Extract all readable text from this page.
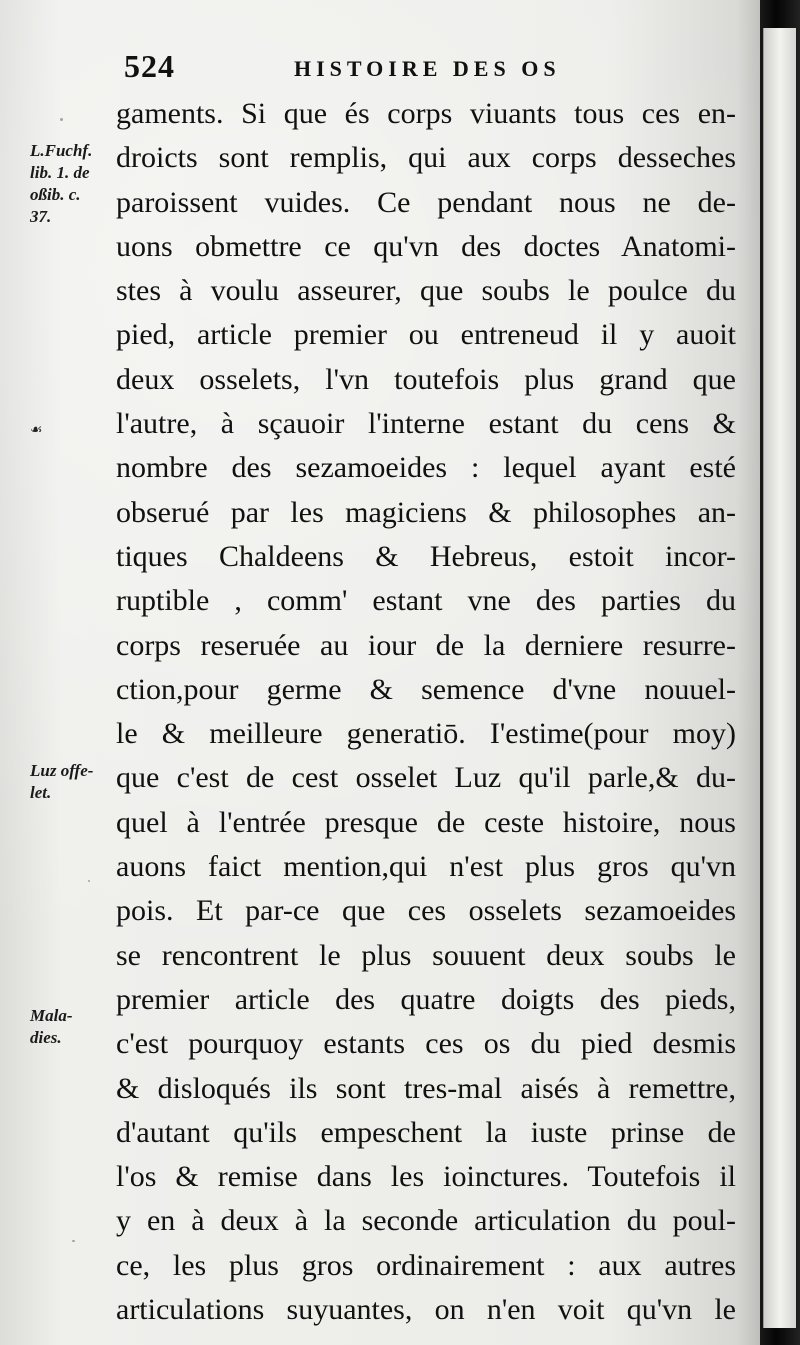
524	HISTOIRE DES OS
L.Fuchf.
lib. 1. de
oßib. c.
37.
☙
Luz offe-
let.
Mala-
dies.
gaments. Si que és corps viuants tous ces en-
droicts sont remplis, qui aux corps desseches
paroissent vuides. Ce pendant nous ne de-
uons obmettre ce qu'vn des doctes Anatomi-
stes à voulu asseurer, que soubs le poulce du
pied, article premier ou entreneud il y auoit
deux osselets, l'vn toutefois plus grand que
l'autre, à sçauoir l'interne estant du cens &
nombre des sezamoeides : lequel ayant esté
obserué par les magiciens & philosophes an-
tiques Chaldeens & Hebreus, estoit incor-
ruptible , comm' estant vne des parties du
corps reseruée au iour de la derniere resurre-
ction,pour germe & semence d'vne nouuel-
le & meilleure generatiō. I'estime(pour moy)
que c'est de cest osselet Luz qu'il parle,& du-
quel à l'entrée presque de ceste histoire, nous
auons faict mention,qui n'est plus gros qu'vn
pois. Et par-ce que ces osselets sezamoeides
se rencontrent le plus souuent deux soubs le
premier article des quatre doigts des pieds,
c'est pourquoy estants ces os du pied desmis
& disloqués ils sont tres-mal aisés à remettre,
d'autant qu'ils empeschent la iuste prinse de
l'os & remise dans les ioinctures. Toutefois il
y en à deux à la seconde articulation du poul-
ce, les plus gros ordinairement : aux autres
articulations suyuantes, on n'en voit qu'vn le
